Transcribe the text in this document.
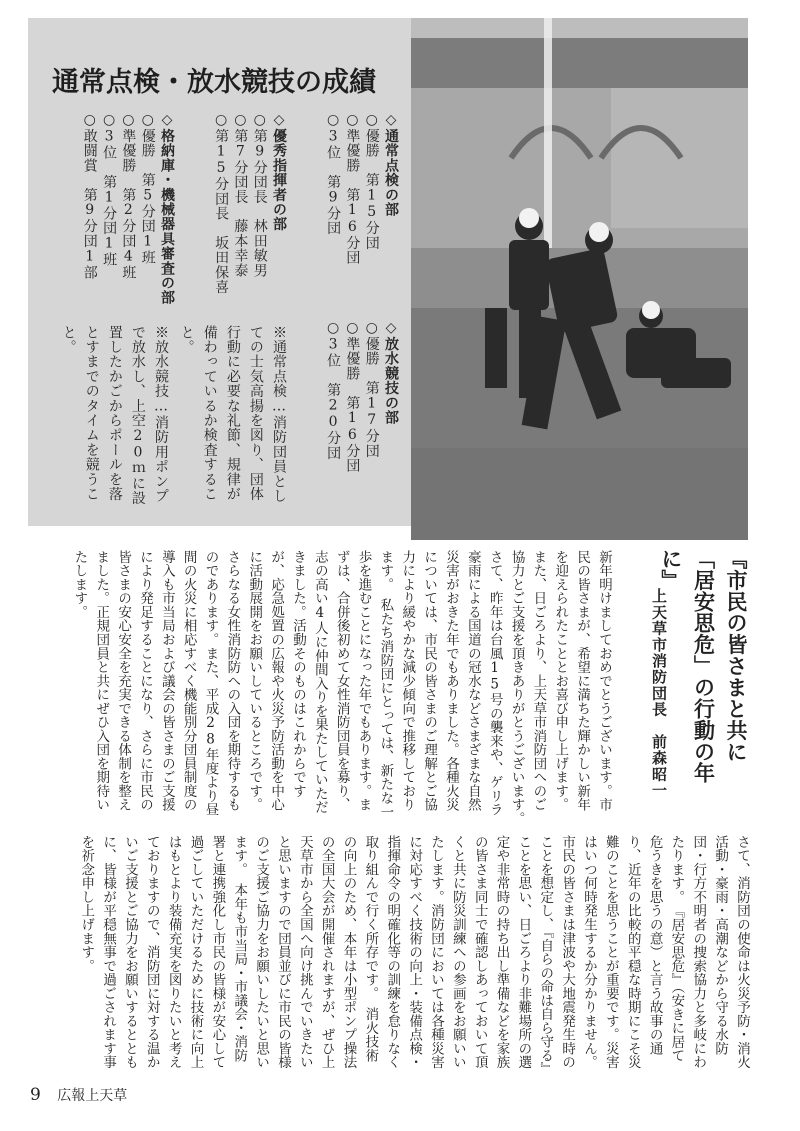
通常点検・放水競技の成績
◇通常点検の部
○優勝　第15分団
○準優勝　第16分団
○3位　第9分団
◇優秀指揮者の部
○第9分団長　林田敏男
○第7分団長　藤本幸泰
○第15分団長　坂田保喜
◇格納庫・機械器具審査の部
○優勝　第5分団1班
○準優勝　第2分団4班
○3位　第1分団1班
○敢闘賞　第9分団1部
◇放水競技の部
○優勝　第17分団
○準優勝　第16分団
○3位　第20分団
※通常点検…消防団員としての士気高揚を図り、団体行動に必要な礼節、規律が備わっているか検査すること。
※放水競技…消防用ポンプで放水し、上空20ｍに設置したかごからポールを落とすまでのタイムを競うこと。
『市民の皆さまと共に
「居安思危」の行動の年に』
上天草市消防団長　前森昭一

新年明けましておめでとうございます。市民の皆さまが、希望に満ちた輝かしい新年を迎えられたこととお喜び申し上げます。また、日ごろより、上天草市消防団へのご協力とご支援を頂きありがとうございます。　さて、昨年は台風15号の襲来や、ゲリラ豪雨による国道の冠水などさまざまな自然災害がおきた年でもありました。各種火災については、市民の皆さまのご理解とご協力により緩やかな減少傾向で推移しております。　私たち消防団にとっては、新たな一歩を進むことになった年でもあります。まずは、合併後初めて女性消防団員を募り、志の高い4人に仲間入りを果たしていただきました。活動そのものはこれからですが、応急処置の広報や火災予防活動を中心に活動展開をお願いしているところです。さらなる女性消防防への入団を期待するものであります。また、平成28年度より昼間の火災に相応すべく機能別分団員制度の導入も市当局および議会の皆さまのご支援により発足することになり、さらに市民の皆さまの安心安全を充実できる体制を整えました。正規団員と共にぜひ入団を期待いたします。

さて、消防団の使命は火災予防・消火活動・豪雨・高潮などから守る水防団・行方不明者の捜索協力と多岐にわたります。　『居安思危』（安きに居て危うきを思うの意）と言う故事の通り、近年の比較的平穏な時期にこそ災難のことを思うことが重要です。災害はいつ何時発生するか分かりません。市民の皆さまは津波や大地震発生時のことを想定し、『自らの命は自ら守る』ことを思い、日ごろより非難場所の選定や非常時の持ち出し準備などを家族の皆さま同士で確認しあっておいて頂くと共に防災訓練への参画をお願いいたします。消防団においては各種災害に対応すべく技術の向上・装備点検・指揮命令の明確化等の訓練を怠りなく取り組んで行く所存です。　消火技術の向上のため、本年は小型ポンプ操法の全国大会が開催されますが、ぜひ上天草市から全国へ向け挑んでいきたいと思いますので団員並びに市民の皆様のご支援ご協力をお願いしたいと思います。　本年も市当局・市議会・消防署と連携強化し市民の皆様が安心して過ごしていただけるために技術に向上はもとより装備充実を図りたいと考えておりますので、消防団に対する温かいご支援とご協力をお願いするとともに、皆様が平穏無事で過ごされます事を祈念申し上げます。

9 広報上天草
